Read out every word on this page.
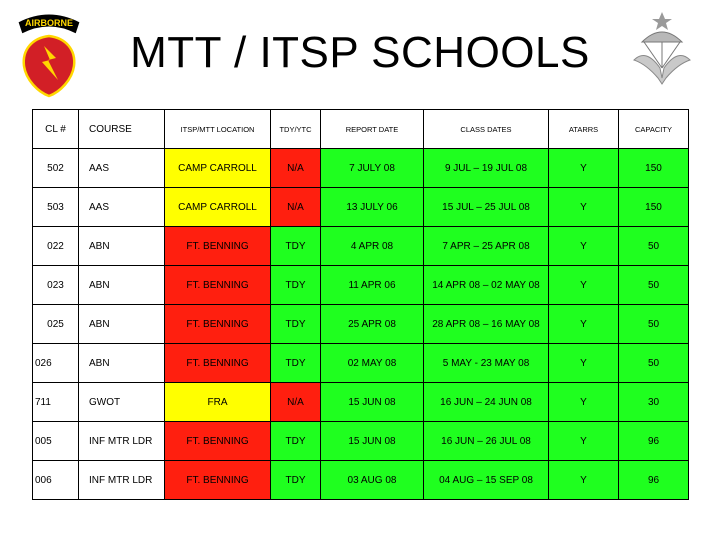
AIRBORNE
MTT / ITSP SCHOOLS
CL #	COURSE	ITSP/MTT LOCATION	TDY/YTC	REPORT DATE	CLASS DATES	ATARRS	CAPACITY
502	AAS	CAMP CARROLL	N/A	7 JULY 08	9 JUL – 19 JUL 08	Y	150
503	AAS	CAMP CARROLL	N/A	13 JULY 06	15 JUL – 25 JUL 08	Y	150
022	ABN	FT. BENNING	TDY	4 APR 08	7 APR – 25 APR 08	Y	50
023	ABN	FT. BENNING	TDY	11 APR 06	14 APR 08 – 02 MAY 08	Y	50
025	ABN	FT. BENNING	TDY	25 APR 08	28 APR 08 – 16 MAY 08	Y	50
026	ABN	FT. BENNING	TDY	02 MAY 08	5 MAY - 23 MAY 08	Y	50
711	GWOT	FRA	N/A	15 JUN 08	16 JUN – 24 JUN 08	Y	30
005	INF MTR LDR	FT. BENNING	TDY	15 JUN 08	16 JUN – 26 JUL 08	Y	96
006	INF MTR LDR	FT. BENNING	TDY	03 AUG 08	04 AUG – 15 SEP 08	Y	96
